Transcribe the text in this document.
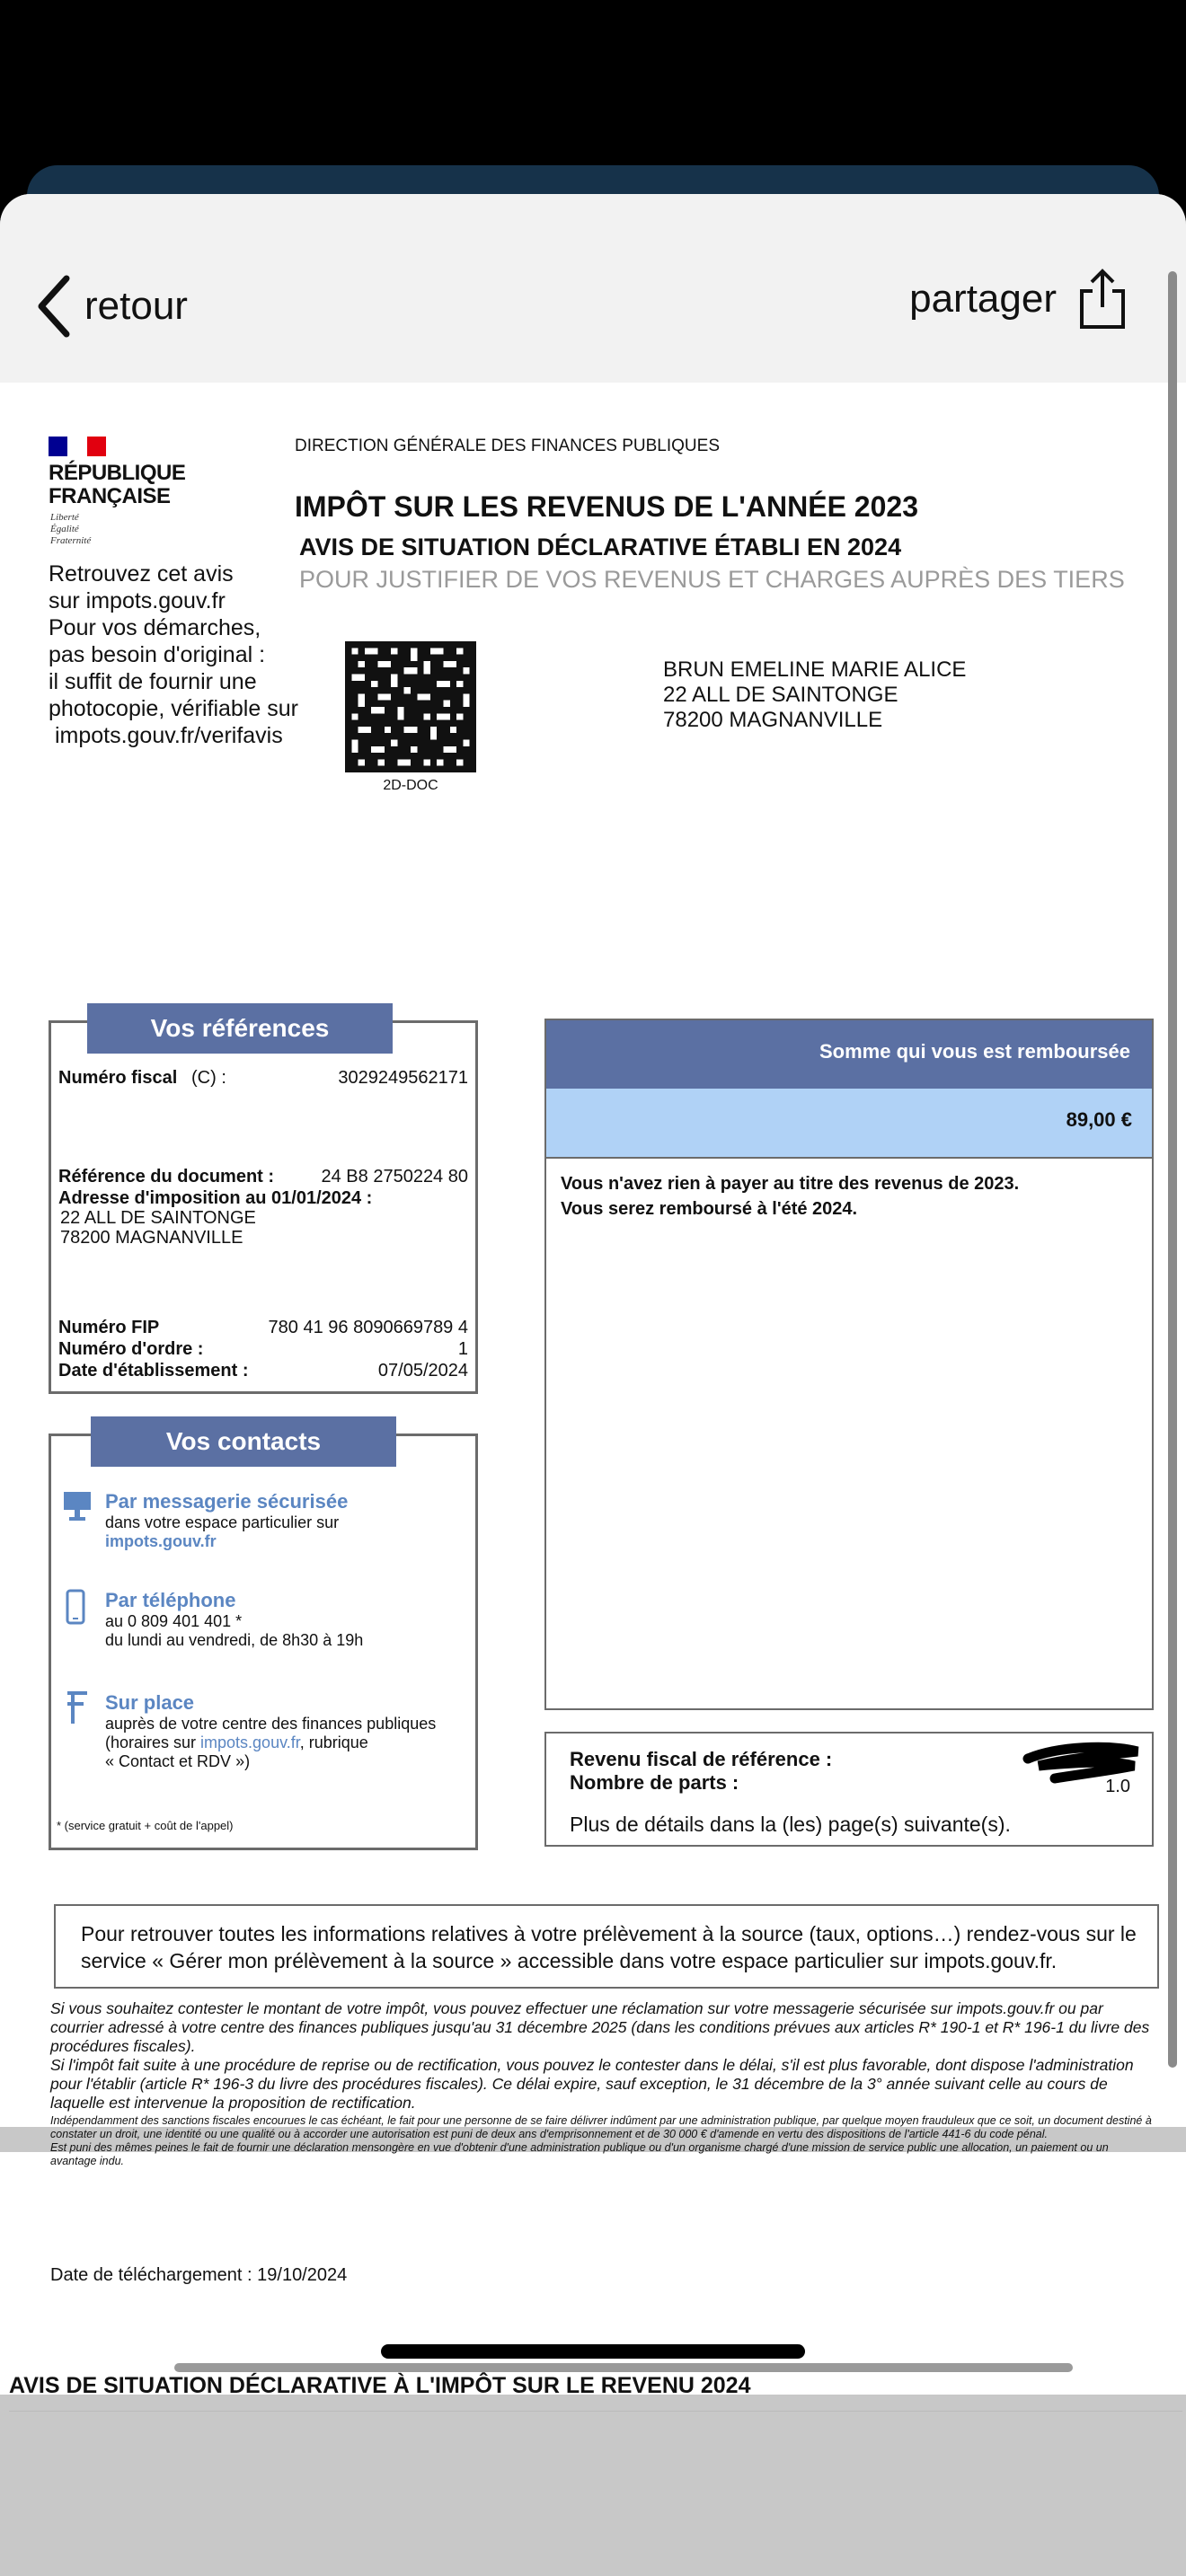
retour	partager
RÉPUBLIQUE
FRANÇAISE
Liberté
Égalité
Fraternité
Retrouvez cet avis
sur impots.gouv.fr
Pour vos démarches,
pas besoin d'original :
il suffit de fournir une
photocopie, vérifiable sur
impots.gouv.fr/verifavis
DIRECTION GÉNÉRALE DES FINANCES PUBLIQUES
IMPÔT SUR LES REVENUS DE L'ANNÉE 2023
AVIS DE SITUATION DÉCLARATIVE ÉTABLI EN 2024
POUR JUSTIFIER DE VOS REVENUS ET CHARGES AUPRÈS DES TIERS
2D-DOC
BRUN EMELINE MARIE ALICE
22 ALL DE SAINTONGE
78200 MAGNANVILLE
Vos références
Numéro fiscal (C) :	3029249562171
Référence du document :	24 B8 2750224 80
Adresse d'imposition au 01/01/2024 :
22 ALL DE SAINTONGE
78200 MAGNANVILLE
Numéro FIP	780 41 96 8090669789 4
Numéro d'ordre :	1
Date d'établissement :	07/05/2024
Somme qui vous est remboursée
89,00 €
Vous n'avez rien à payer au titre des revenus de 2023.
Vous serez remboursé à l'été 2024.
Revenu fiscal de référence :
Nombre de parts :	1.0
Plus de détails dans la (les) page(s) suivante(s).
Vos contacts
Par messagerie sécurisée
dans votre espace particulier sur
impots.gouv.fr
Par téléphone
au 0 809 401 401 *
du lundi au vendredi, de 8h30 à 19h
Sur place
auprès de votre centre des finances publiques
(horaires sur impots.gouv.fr, rubrique
« Contact et RDV »)
* (service gratuit + coût de l'appel)

Pour retrouver toutes les informations relatives à votre prélèvement à la source (taux, options…) rendez-vous sur le service « Gérer mon prélèvement à la source » accessible dans votre espace particulier sur impots.gouv.fr.

Si vous souhaitez contester le montant de votre impôt, vous pouvez effectuer une réclamation sur votre messagerie sécurisée sur impots.gouv.fr ou par courrier adressé à votre centre des finances publiques jusqu'au 31 décembre 2025 (dans les conditions prévues aux articles R* 190-1 et R* 196-1 du livre des procédures fiscales).
Si l'impôt fait suite à une procédure de reprise ou de rectification, vous pouvez le contester dans le délai, s'il est plus favorable, dont dispose l'administration pour l'établir (article R* 196-3 du livre des procédures fiscales). Ce délai expire, sauf exception, le 31 décembre de la 3° année suivant celle au cours de laquelle est intervenue la proposition de rectification.
Indépendamment des sanctions fiscales encourues le cas échéant, le fait pour une personne de se faire délivrer indûment par une administration publique, par quelque moyen frauduleux que ce soit, un document destiné à constater un droit, une identité ou une qualité ou à accorder une autorisation est puni de deux ans d'emprisonnement et de 30 000 € d'amende en vertu des dispositions de l'article 441-6 du code pénal.
Est puni des mêmes peines le fait de fournir une déclaration mensongère en vue d'obtenir d'une administration publique ou d'un organisme chargé d'une mission de service public une allocation, un paiement ou un avantage indu.
Date de téléchargement : 19/10/2024
AVIS DE SITUATION DÉCLARATIVE À L'IMPÔT SUR LE REVENU 2024
